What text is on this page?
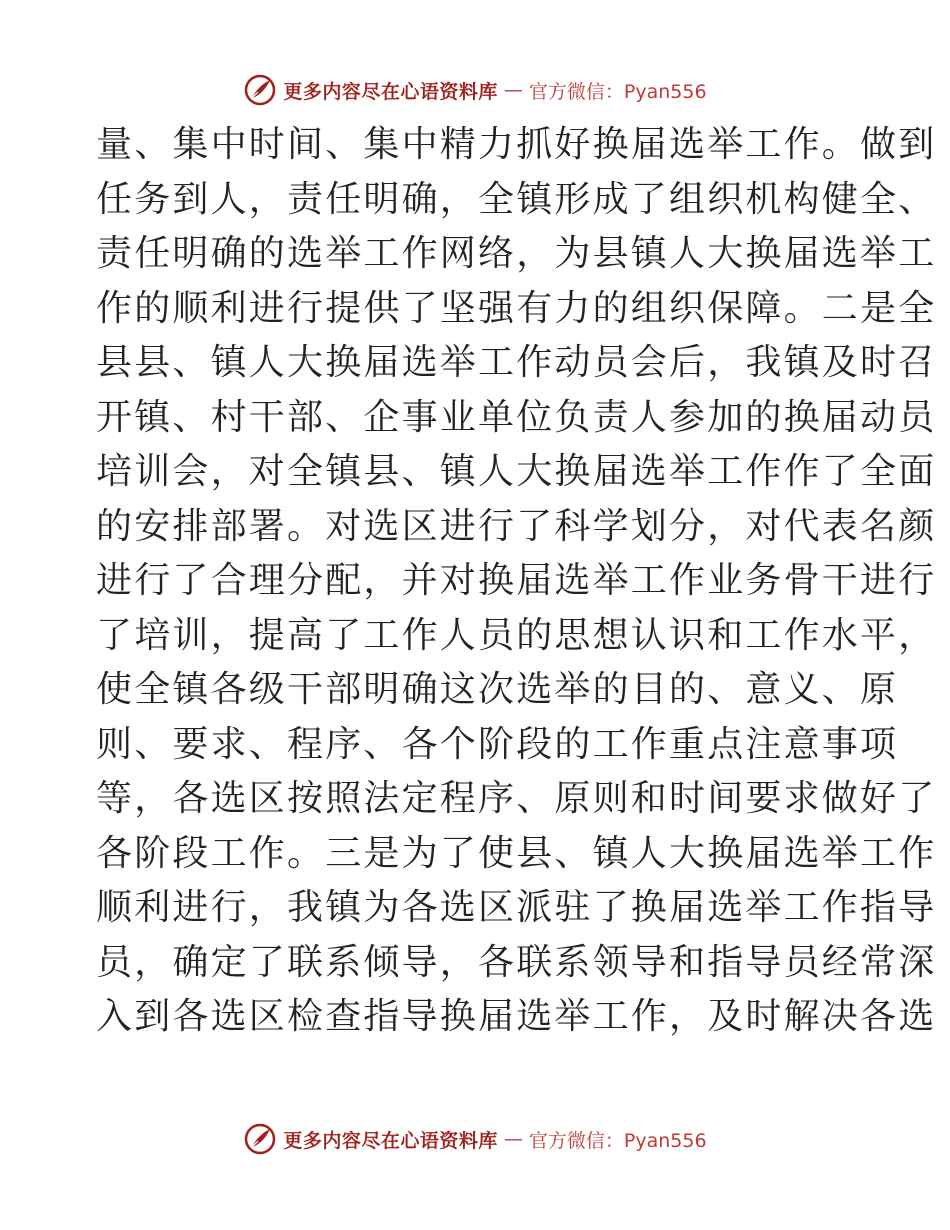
更多内容尽在心语资料库 — 官方微信：Pyan556
量、集中时间、集中精力抓好换届选举工作。做到
任务到人，责任明确，全镇形成了组织机构健全、
责任明确的选举工作网络，为县镇人大换届选举工
作的顺利进行提供了坚强有力的组织保障。二是全
县县、镇人大换届选举工作动员会后，我镇及时召
开镇、村干部、企事业单位负责人参加的换届动员
培训会，对全镇县、镇人大换届选举工作作了全面
的安排部署。对选区进行了科学划分，对代表名颜
进行了合理分配，并对换届选举工作业务骨干进行
了培训，提高了工作人员的思想认识和工作水平，
使全镇各级干部明确这次选举的目的、意义、原
则、要求、程序、各个阶段的工作重点注意事项
等，各选区按照法定程序、原则和时间要求做好了
各阶段工作。三是为了使县、镇人大换届选举工作
顺利进行，我镇为各选区派驻了换届选举工作指导
员，确定了联系倾导，各联系领导和指导员经常深
入到各选区检查指导换届选举工作，及时解决各选
更多内容尽在心语资料库 — 官方微信：Pyan556
